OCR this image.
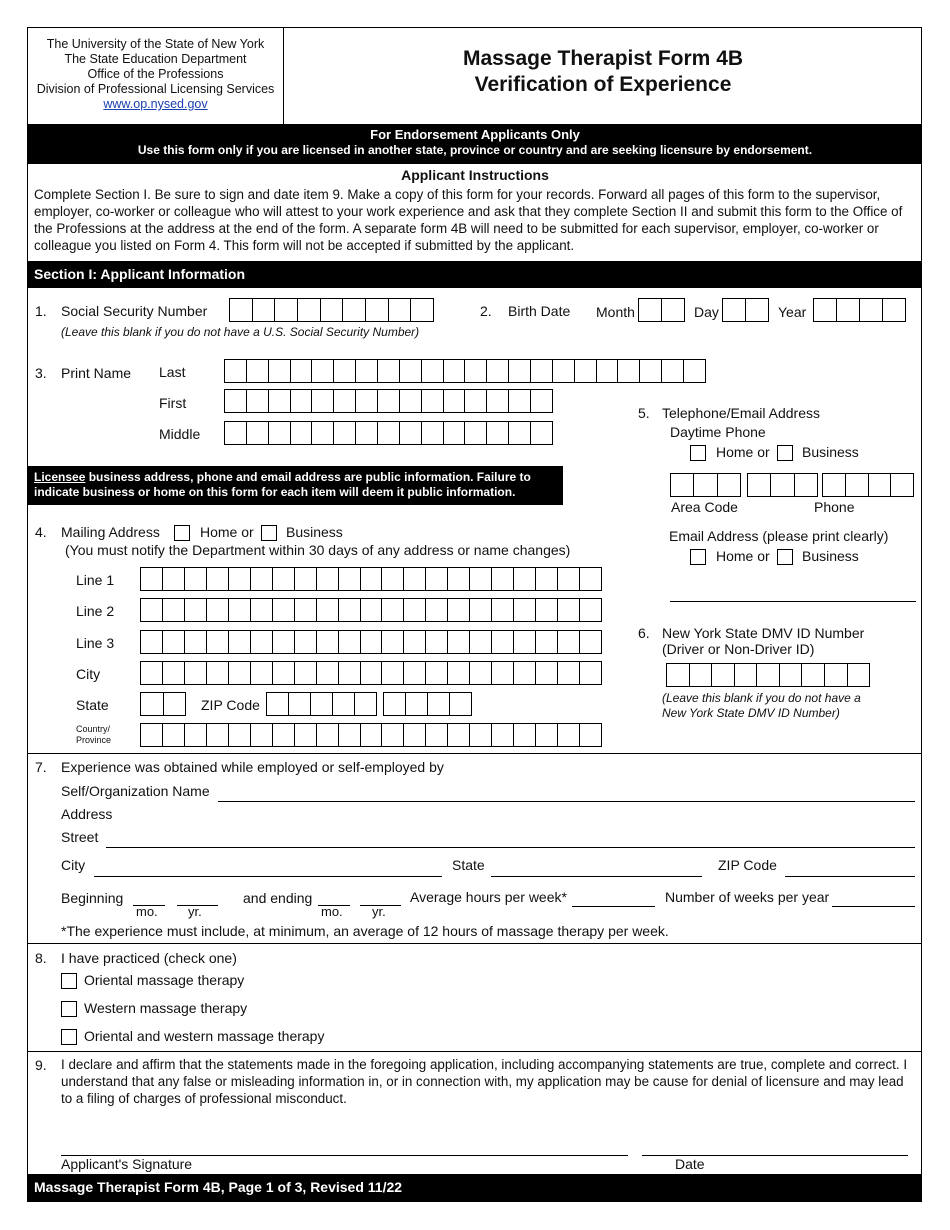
The University of the State of New York
The State Education Department
Office of the Professions
Division of Professional Licensing Services
www.op.nysed.gov
Massage Therapist Form 4B
Verification of Experience
For Endorsement Applicants Only
Use this form only if you are licensed in another state, province or country and are seeking licensure by endorsement.
Applicant Instructions
Complete Section I. Be sure to sign and date item 9. Make a copy of this form for your records. Forward all pages of this form to the supervisor, employer, co-worker or colleague who will attest to your work experience and ask that they complete Section II and submit this form to the Office of the Professions at the address at the end of the form. A separate form 4B will need to be submitted for each supervisor, employer, co-worker or colleague you listed on Form 4. This form will not be accepted if submitted by the applicant.
Section I: Applicant Information
1. Social Security Number
(Leave this blank if you do not have a U.S. Social Security Number)
2. Birth Date Month	Day	Year
3. Print Name Last
First
Middle
Licensee business address, phone and email address are public information. Failure to
indicate business or home on this form for each item will deem it public information.
4. Mailing Address	Home or Business
(You must notify the Department within 30 days of any address or name changes)
Line 1
Line 2
Line 3
City
State	ZIP Code
Country/
Province
5. Telephone/Email Address
Daytime Phone
Home or Business
Area Code	Phone
Email Address (please print clearly)
Home or Business
6. New York State DMV ID Number
(Driver or Non-Driver ID)
(Leave this blank if you do not have a
New York State DMV ID Number)
7. Experience was obtained while employed or self-employed by
Self/Organization Name
Address
Street
City	State	ZIP Code
Beginning
mo. yr.
and ending
mo. yr.
Average hours per week*	Number of weeks per year
*The experience must include, at minimum, an average of 12 hours of massage therapy per week.
8. I have practiced (check one)
Oriental massage therapy
Western massage therapy
Oriental and western massage therapy
9. I declare and affirm that the statements made in the foregoing application, including accompanying statements are true, complete and correct. I understand that any false or misleading information in, or in connection with, my application may be cause for denial of licensure and may lead to a filing of charges of professional misconduct.
Applicant's Signature	Date
Massage Therapist Form 4B, Page 1 of 3, Revised 11/22
